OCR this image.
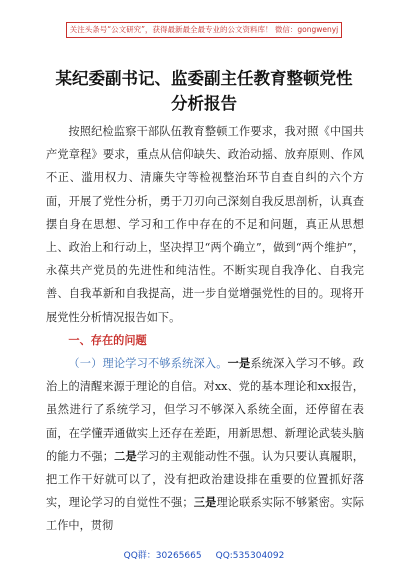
关注头条号“公文研究”，获得最新最全最专业的公文资料库！ 微信：gongwenyj
某纪委副书记、监委副主任教育整顿党性
分析报告

按照纪检监察干部队伍教育整顿工作要求，我对照《中国共产党章程》要求，重点从信仰缺失、政治动摇、放弃原则、作风不正、滥用权力、清廉失守等检视整治环节自查自纠的六个方面，开展了党性分析，勇于刀刃向己深刻自我反思剖析，认真查摆自身在思想、学习和工作中存在的不足和问题，真正从思想上、政治上和行动上，坚决捍卫“两个确立”，做到“两个维护”，永葆共产党员的先进性和纯洁性。不断实现自我净化、自我完善、自我革新和自我提高，进一步自觉增强党性的目的。现将开展党性分析情况报告如下。

一、存在的问题

（一）理论学习不够系统深入。一是系统深入学习不够。政治上的清醒来源于理论的自信。对xx、党的基本理论和xx报告，虽然进行了系统学习，但学习不够深入系统全面，还停留在表面，在学懂弄通做实上还存在差距，用新思想、新理论武装头脑的能力不强；二是学习的主观能动性不强。认为只要认真履职，把工作干好就可以了，没有把政治建设排在重要的位置抓好落实，理论学习的自觉性不强；三是理论联系实际不够紧密。实际工作中，贯彻

QQ群：30265665 QQ:535304092
